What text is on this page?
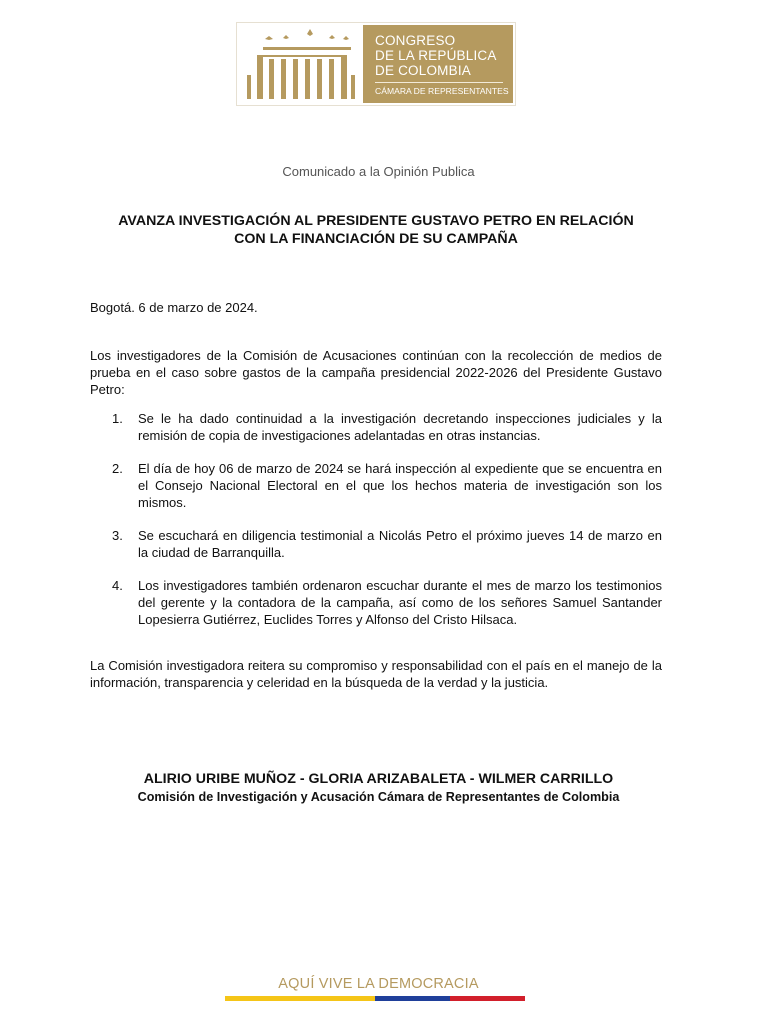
CONGRESO
DE LA REPÚBLICA
DE COLOMBIA
CÁMARA DE REPRESENTANTES
Comunicado a la Opinión Publica
AVANZA INVESTIGACIÓN AL PRESIDENTE GUSTAVO PETRO EN RELACIÓN
CON LA FINANCIACIÓN DE SU CAMPAÑA
Bogotá. 6 de marzo de 2024.
Los investigadores de la Comisión de Acusaciones continúan con la recolección de medios de prueba en el caso sobre gastos de la campaña presidencial 2022-2026 del Presidente Gustavo Petro:
1. Se le ha dado continuidad a la investigación decretando inspecciones judiciales y la remisión de copia de investigaciones adelantadas en otras instancias.
2. El día de hoy 06 de marzo de 2024 se hará inspección al expediente que se encuentra en el Consejo Nacional Electoral en el que los hechos materia de investigación son los mismos.
3. Se escuchará en diligencia testimonial a Nicolás Petro el próximo jueves 14 de marzo en la ciudad de Barranquilla.
4. Los investigadores también ordenaron escuchar durante el mes de marzo los testimonios del gerente y la contadora de la campaña, así como de los señores Samuel Santander Lopesierra Gutiérrez, Euclides Torres y Alfonso del Cristo Hilsaca.
La Comisión investigadora reitera su compromiso y responsabilidad con el país en el manejo de la información, transparencia y celeridad en la búsqueda de la verdad y la justicia.
ALIRIO URIBE MUÑOZ - GLORIA ARIZABALETA - WILMER CARRILLO
Comisión de Investigación y Acusación Cámara de Representantes de Colombia
AQUÍ VIVE LA DEMOCRACIA
